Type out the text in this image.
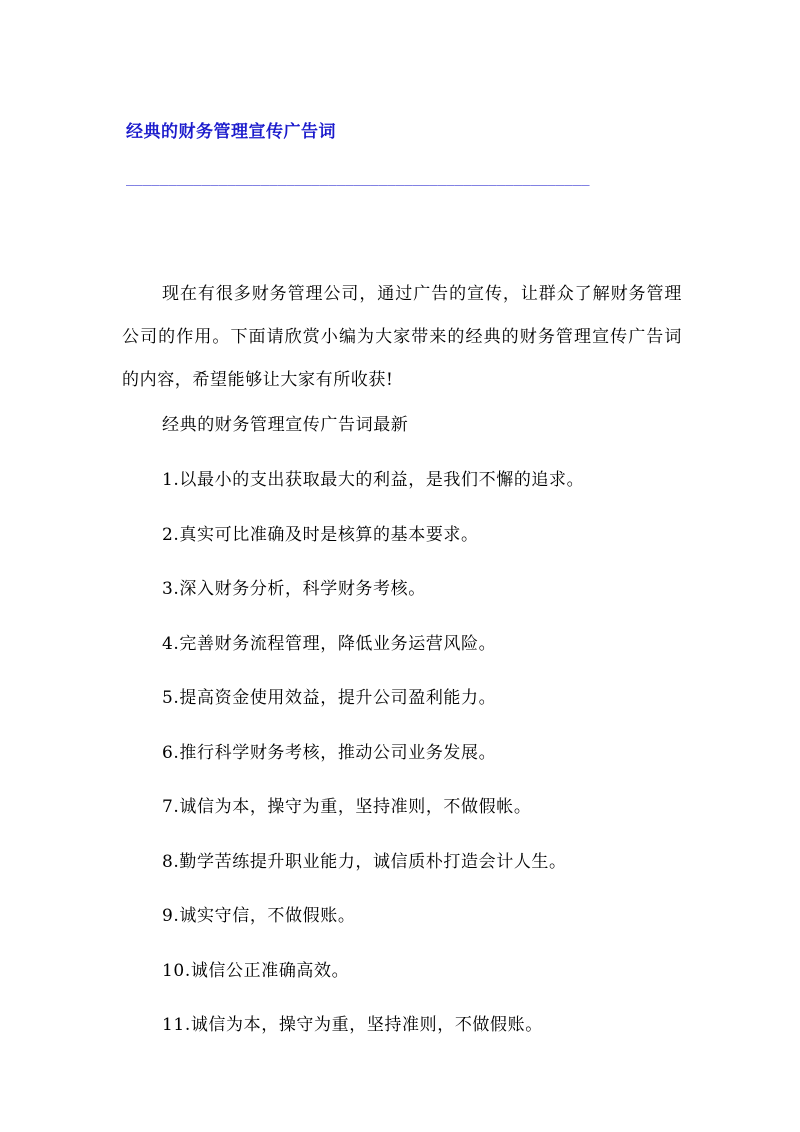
经典的财务管理宣传广告词
_______________________________________________________

现在有很多财务管理公司，通过广告的宣传，让群众了解财务管理公司的作用。下面请欣赏小编为大家带来的经典的财务管理宣传广告词的内容，希望能够让大家有所收获!

经典的财务管理宣传广告词最新

1.以最小的支出获取最大的利益，是我们不懈的追求。
2.真实可比准确及时是核算的基本要求。
3.深入财务分析，科学财务考核。
4.完善财务流程管理，降低业务运营风险。
5.提高资金使用效益，提升公司盈利能力。
6.推行科学财务考核，推动公司业务发展。
7.诚信为本，操守为重，坚持准则，不做假帐。
8.勤学苦练提升职业能力，诚信质朴打造会计人生。
9.诚实守信，不做假账。
10.诚信公正准确高效。
11.诚信为本，操守为重，坚持准则，不做假账。
